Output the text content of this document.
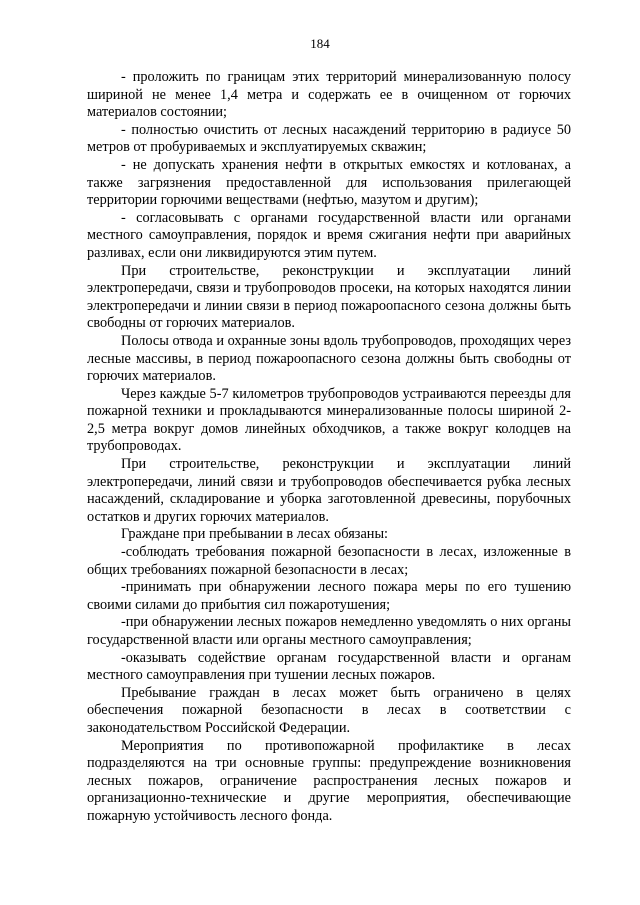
184

- проложить по границам этих территорий минерализованную полосу шириной не менее 1,4 метра и содержать ее в очищенном от горючих материалов состоянии;

- полностью очистить от лесных насаждений территорию в радиусе 50 метров от пробуриваемых и эксплуатируемых скважин;

- не допускать хранения нефти в открытых емкостях и котлованах, а также загрязнения предоставленной для использования прилегающей территории горючими веществами (нефтью, мазутом и другим);

- согласовывать с органами государственной власти или органами местного самоуправления, порядок и время сжигания нефти при аварийных разливах, если они ликвидируются этим путем.

При строительстве, реконструкции и эксплуатации линий электропередачи, связи и трубопроводов просеки, на которых находятся линии электропередачи и линии связи в период пожароопасного сезона должны быть свободны от горючих материалов.

Полосы отвода и охранные зоны вдоль трубопроводов, проходящих через лесные массивы, в период пожароопасного сезона должны быть свободны от горючих материалов.

Через каждые 5-7 километров трубопроводов устраиваются переезды для пожарной техники и прокладываются минерализованные полосы шириной 2-2,5 метра вокруг домов линейных обходчиков, а также вокруг колодцев на трубопроводах.

При строительстве, реконструкции и эксплуатации линий электропередачи, линий связи и трубопроводов обеспечивается рубка лесных насаждений, складирование и уборка заготовленной древесины, порубочных остатков и других горючих материалов.

Граждане при пребывании в лесах обязаны:

-соблюдать требования пожарной безопасности в лесах, изложенные в общих требованиях пожарной безопасности в лесах;

-принимать при обнаружении лесного пожара меры по его тушению своими силами до прибытия сил пожаротушения;

-при обнаружении лесных пожаров немедленно уведомлять о них органы государственной власти или органы местного самоуправления;

-оказывать содействие органам государственной власти и органам местного самоуправления при тушении лесных пожаров.

Пребывание граждан в лесах может быть ограничено в целях обеспечения пожарной безопасности в лесах в соответствии с законодательством Российской Федерации.

Мероприятия по противопожарной профилактике в лесах подразделяются на три основные группы: предупреждение возникновения лесных пожаров, ограничение распространения лесных пожаров и организационно-технические и другие мероприятия, обеспечивающие пожарную устойчивость лесного фонда.
